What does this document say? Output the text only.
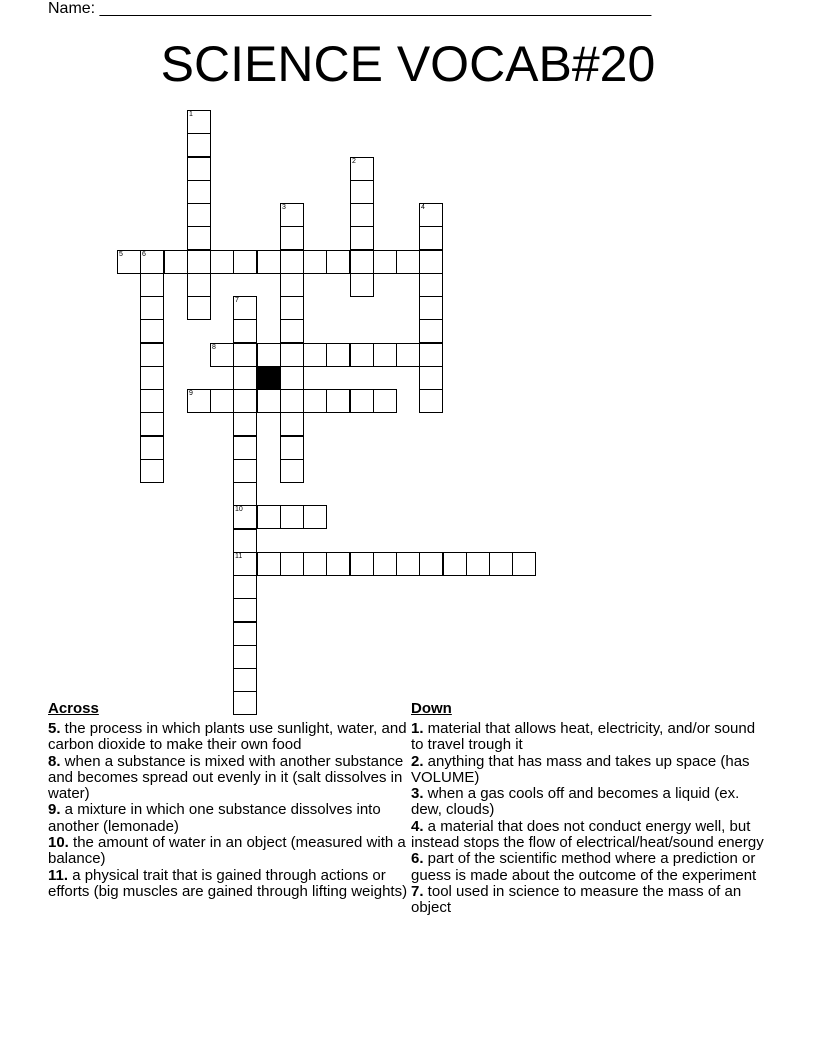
Name: ______________________________________________________________
SCIENCE VOCAB#20
1
2
3	4
5	6
7
10
11
8
9
Across
5. the process in which plants use sunlight, water, and carbon dioxide to make their own food
8. when a substance is mixed with another substance and becomes spread out evenly in it (salt dissolves in water)
9. a mixture in which one substance dissolves into another (lemonade)
10. the amount of water in an object (measured with a balance)
11. a physical trait that is gained through actions or efforts (big muscles are gained through lifting weights)
Down
1. material that allows heat, electricity, and/or sound to travel trough it
2. anything that has mass and takes up space (has VOLUME)
3. when a gas cools off and becomes a liquid (ex. dew, clouds)
4. a material that does not conduct energy well, but instead stops the flow of electrical/heat/sound energy
6. part of the scientific method where a prediction or guess is made about the outcome of the experiment
7. tool used in science to measure the mass of an object
